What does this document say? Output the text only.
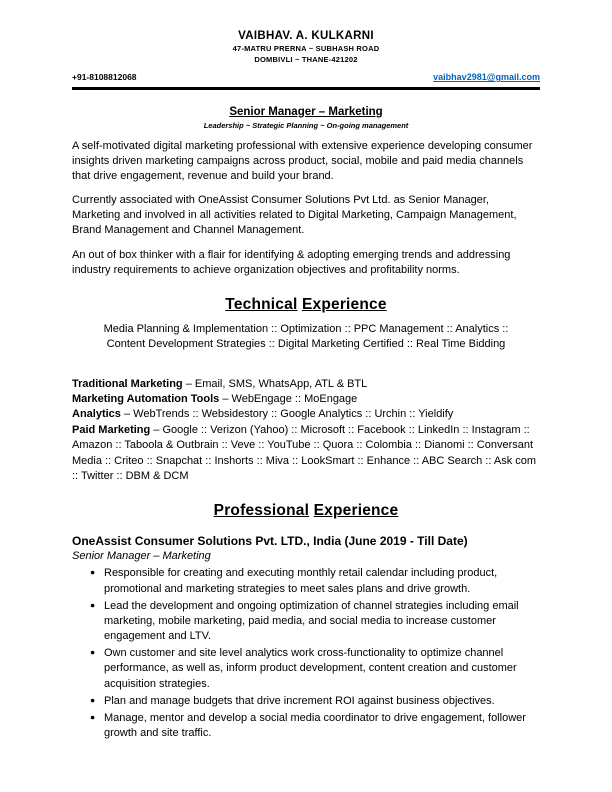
VAIBHAV. A. KULKARNI
47-MATRU PRERNA ~ SUBHASH ROAD
DOMBIVLI ~ THANE-421202
+91-8108812068	vaibhav2981@gmail.com
Senior Manager – Marketing
Leadership ~ Strategic Planning ~ On-going management

A self-motivated digital marketing professional with extensive experience developing consumer insights driven marketing campaigns across product, social, mobile and paid media channels that drive engagement, revenue and build your brand.

Currently associated with OneAssist Consumer Solutions Pvt Ltd. as Senior Manager, Marketing and involved in all activities related to Digital Marketing, Campaign Management, Brand Management and Channel Management.

An out of box thinker with a flair for identifying & adopting emerging trends and addressing industry requirements to achieve organization objectives and profitability norms.

Technical Experience
Media Planning & Implementation :: Optimization :: PPC Management :: Analytics ::
Content Development Strategies :: Digital Marketing Certified :: Real Time Bidding
Traditional Marketing – Email, SMS, WhatsApp, ATL & BTL
Marketing Automation Tools – WebEngage :: MoEngage
Analytics – WebTrends :: Websidestory :: Google Analytics :: Urchin :: Yieldify
Paid Marketing – Google :: Verizon (Yahoo) :: Microsoft :: Facebook :: LinkedIn :: Instagram :: Amazon :: Taboola & Outbrain :: Veve :: YouTube :: Quora :: Colombia :: Dianomi :: Conversant Media :: Criteo :: Snapchat :: Inshorts :: Miva :: LookSmart :: Enhance :: ABC Search :: Ask com :: Twitter :: DBM & DCM
Professional Experience
OneAssist Consumer Solutions Pvt. LTD., India (June 2019 - Till Date)
Senior Manager – Marketing
● Responsible for creating and executing monthly retail calendar including product, promotional and marketing strategies to meet sales plans and drive growth.
● Lead the development and ongoing optimization of channel strategies including email marketing, mobile marketing, paid media, and social media to increase customer engagement and LTV.
● Own customer and site level analytics work cross-functionality to optimize channel performance, as well as, inform product development, content creation and customer acquisition strategies.
● Plan and manage budgets that drive increment ROI against business objectives.
● Manage, mentor and develop a social media coordinator to drive engagement, follower growth and site traffic.
